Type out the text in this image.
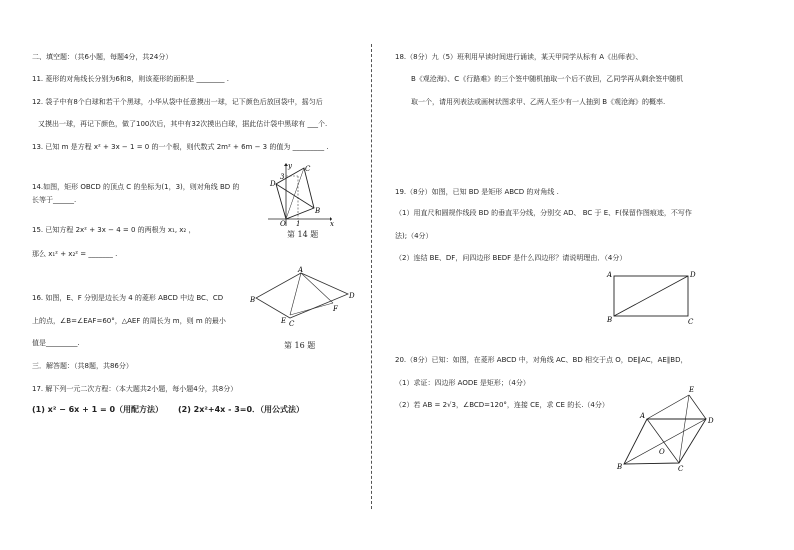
二、填空题：（共6小题，每题4分，共24分）
11. 菱形的对角线长分别为6和8，则该菱形的面积是 ________ .
12. 袋子中有8个白球和若干个黑球，小华从袋中任意摸出一球，记下颜色后放回袋中，摇匀后
又摸出一球，再记下颜色，做了100次后，其中有32次摸出白球，据此估计袋中黑球有 ___个.
13. 已知 m 是方程 x² + 3x − 1 = 0 的一个根，则代数式 2m² + 6m − 3 的值为 _________ .
14.如图，矩形 OBCD 的顶点 C 的坐标为(1，3)，则对角线 BD 的
长等于______.
15. 已知方程 2x² + 3x − 4 = 0 的两根为 x₁, x₂ ，
那么 x₁² + x₂² = _______ .
16. 如图，E、F 分别是边长为 4 的菱形 ABCD 中边 BC、CD
上的点，∠B=∠EAF=60°，△AEF 的周长为 m，则 m 的最小
值是_________.
三．解答题：（共8题，共86分）
17. 解下列一元二次方程：（本大题共2小题，每小题4分，共8分）
(1) x² − 6x + 1 = 0（用配方法） (2) 2x²+4x - 3=0．（用公式法）
y
x
C
D
B
O
3
1
第 14 题
A
B	D
C
E
F
第 16 题
18.（8分）九（5）班利用早读时间进行诵读，某天甲同学从标有 A《出师表》、
B《观沧海》、C《行路难》的三个签中随机抽取一个后不放回，乙同学再从剩余签中随机
取一个，请用列表法或画树状图求甲、乙两人至少有一人抽到 B《观沧海》的概率.
19.（8分）如图，已知 BD 是矩形 ABCD 的对角线 .
（1）用直尺和圆规作线段 BD 的垂直平分线，分别交 AD、 BC 于 E、F(保留作图痕迹，不写作
法);（4分）
（2）连结 BE、DF，问四边形 BEDF 是什么四边形？请说明理由．（4分）
A	D
B	C
20.（8分）已知：如图，在菱形 ABCD 中，对角线 AC、BD 相交于点 O，DE∥AC，AE∥BD，
（1）求证：四边形 AODE 是矩形；（4分）
（2）若 AB = 2√3，∠BCD=120°，连接 CE，求 CE 的长.（4分）
E
A
D
O
B	C
